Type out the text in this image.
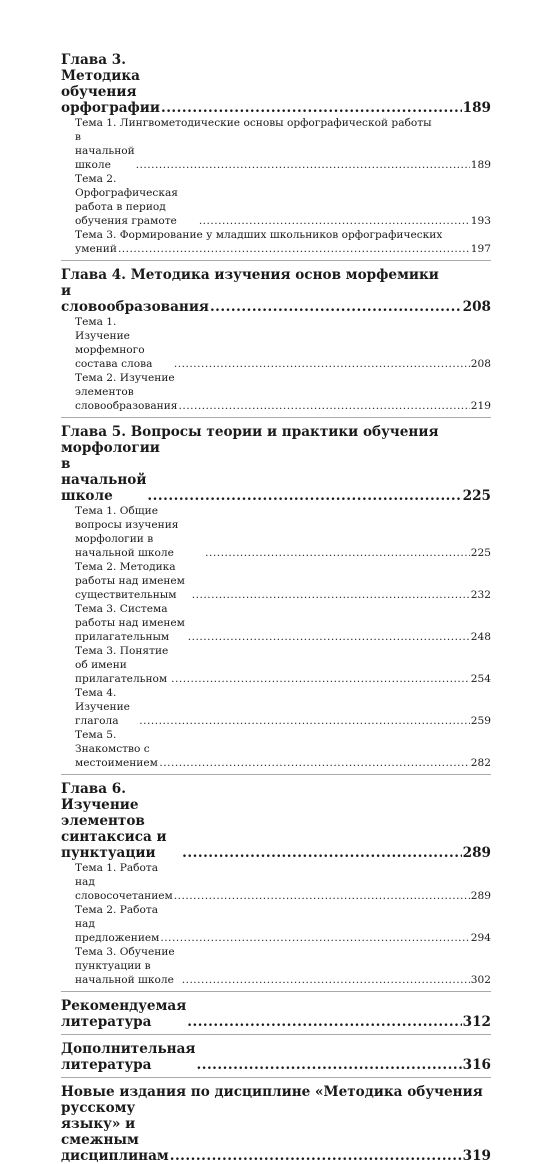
Глава 3. Методика обучения орфографии .....	189
Тема 1. Лингвометодические основы орфографической работы
в начальной школе .....	189
Тема 2. Орфографическая работа в период обучения грамоте .....	193
Тема 3. Формирование у младших школьников орфографических
умений .....	197
Глава 4. Методика изучения основ морфемики
и словообразования .....	208
Тема 1. Изучение морфемного состава слова .....	208
Тема 2. Изучение элементов словообразования .....	219
Глава 5. Вопросы теории и практики обучения морфологии
в начальной школе .....	225
Тема 1. Общие вопросы изучения морфологии в начальной школе .....	225
Тема 2. Методика работы над именем существительным .....	232
Тема 3. Система работы над именем прилагательным .....	248
Тема 3. Понятие об имени прилагательном .....	254
Тема 4. Изучение глагола .....	259
Тема 5. Знакомство с местоимением .....	282
Глава 6. Изучение элементов синтаксиса и пунктуации .....	289
Тема 1. Работа над словосочетанием .....	289
Тема 2. Работа над предложением .....	294
Тема 3. Обучение пунктуации в начальной школе .....	302
Рекомендуемая литература .....	312
Дополнительная литература .....	316
Новые издания по дисциплине «Методика обучения русскому
языку» и смежным дисциплинам .....	319
